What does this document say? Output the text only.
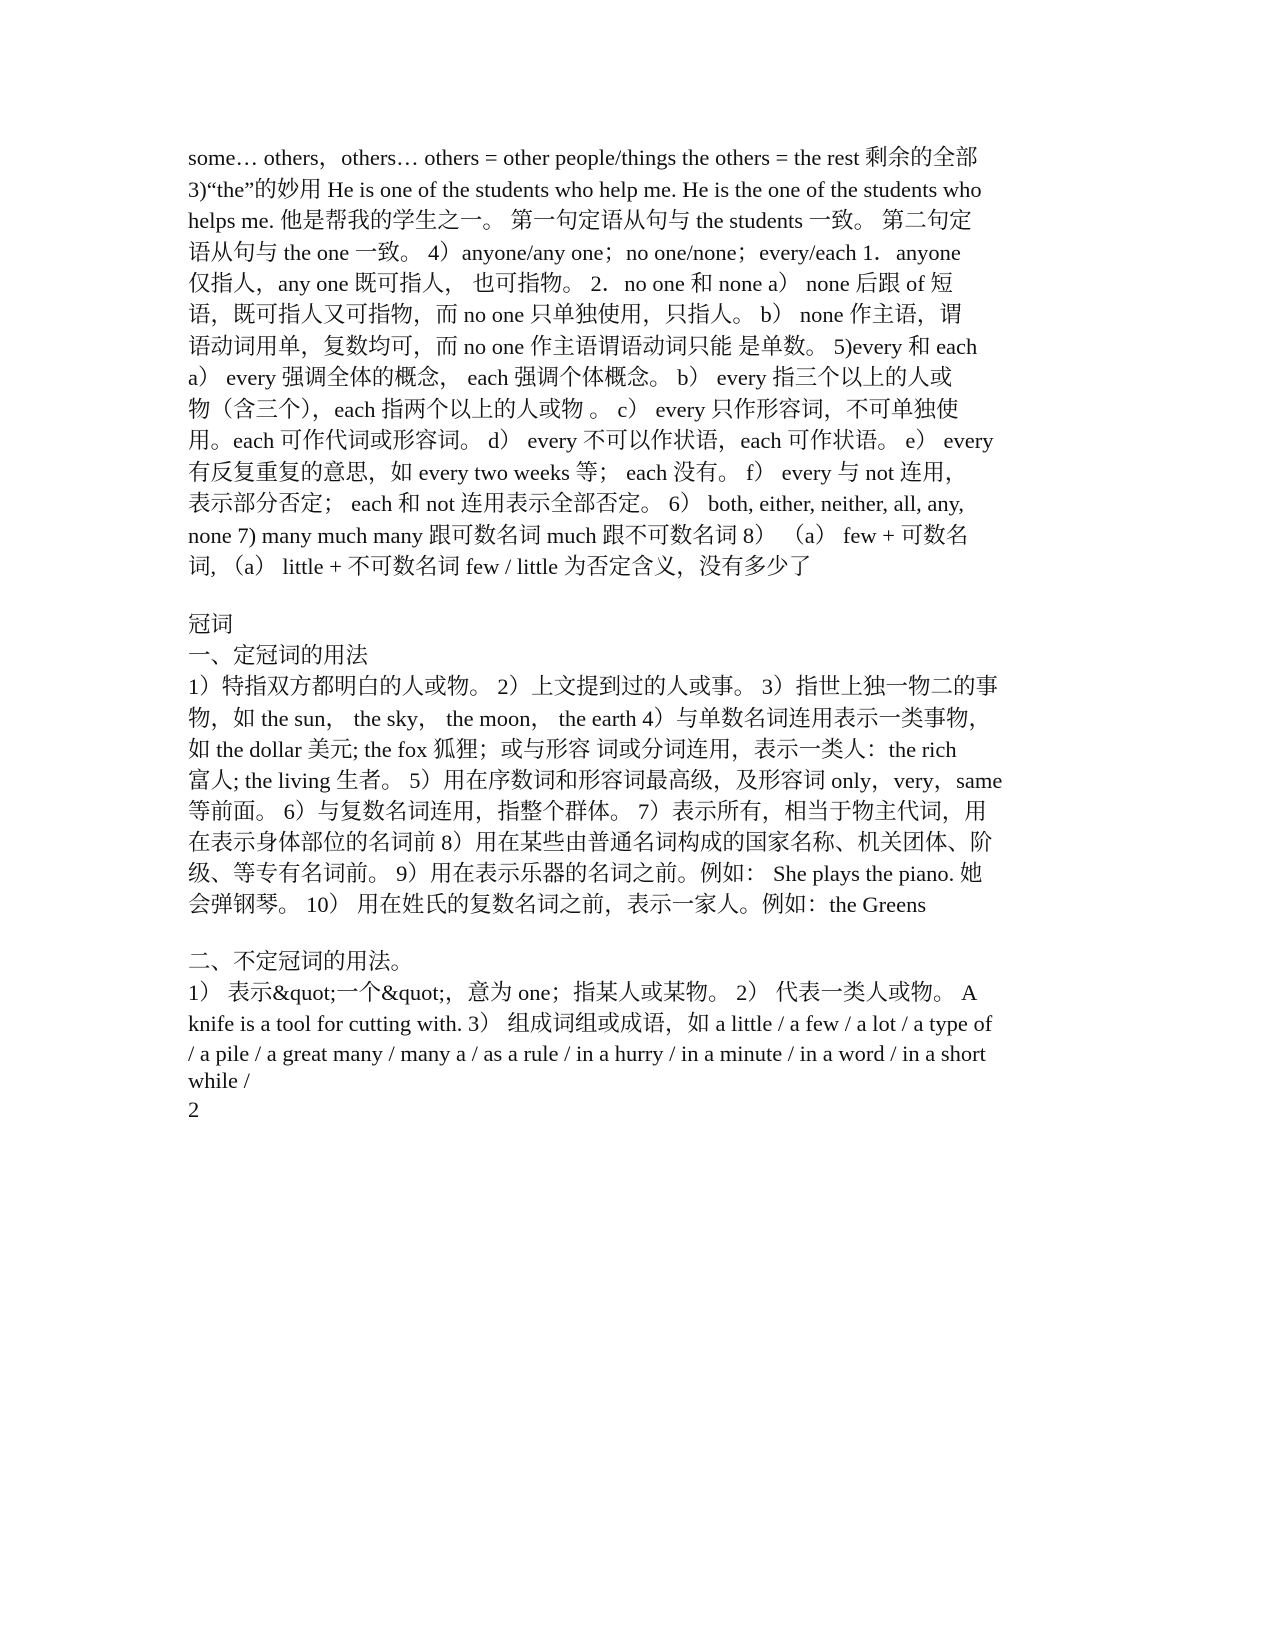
some… others，others… others = other people/things the others = the rest 剩余的全部
3)“the”的妙用 He is one of the students who help me. He is the one of the students who
helps me. 他是帮我的学生之一。 第一句定语从句与 the students 一致。 第二句定
语从句与 the one 一致。 4）anyone/any one；no one/none；every/each 1．anyone
仅指人，any one 既可指人， 也可指物。 2．no one 和 none a） none 后跟 of 短
语，既可指人又可指物，而 no one 只单独使用，只指人。 b） none 作主语，谓
语动词用单，复数均可，而 no one 作主语谓语动词只能 是单数。 5)every 和 each
a） every 强调全体的概念， each 强调个体概念。 b） every 指三个以上的人或
物（含三个），each 指两个以上的人或物 。 c） every 只作形容词，不可单独使
用。each 可作代词或形容词。 d） every 不可以作状语，each 可作状语。 e） every
有反复重复的意思，如 every two weeks 等； each 没有。 f） every 与 not 连用，
表示部分否定； each 和 not 连用表示全部否定。 6） both, either, neither, all, any,
none 7) many much many 跟可数名词 much 跟不可数名词 8） （a） few + 可数名
词, （a） little + 不可数名词 few / little 为否定含义，没有多少了
冠词
一、定冠词的用法
1）特指双方都明白的人或物。 2）上文提到过的人或事。 3）指世上独一物二的事
物，如 the sun， the sky， the moon， the earth 4）与单数名词连用表示一类事物，
如 the dollar 美元; the fox 狐狸；或与形容 词或分词连用，表示一类人：the rich
富人; the living 生者。 5）用在序数词和形容词最高级，及形容词 only，very，same
等前面。 6）与复数名词连用，指整个群体。 7）表示所有，相当于物主代词，用
在表示身体部位的名词前 8）用在某些由普通名词构成的国家名称、机关团体、阶
级、等专有名词前。 9）用在表示乐器的名词之前。例如： She plays the piano. 她
会弹钢琴。 10） 用在姓氏的复数名词之前，表示一家人。例如：the Greens
二、不定冠词的用法。
1） 表示&quot;一个&quot;，意为 one；指某人或某物。 2） 代表一类人或物。 A
knife is a tool for cutting with. 3） 组成词组或成语，如 a little / a few / a lot / a type of
/ a pile / a great many / many a / as a rule / in a hurry / in a minute / in a word / in a short
while /
2
